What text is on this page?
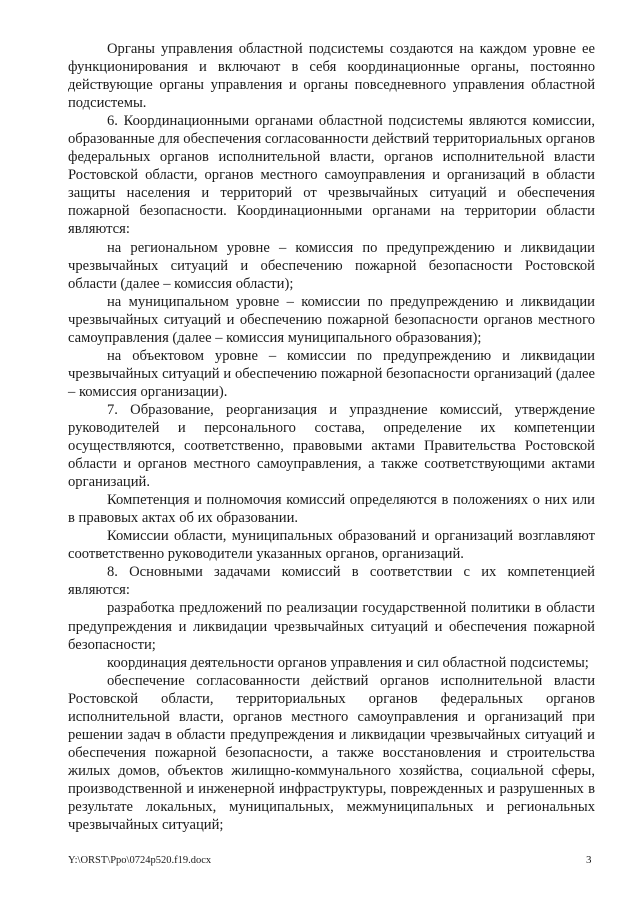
Органы управления областной подсистемы создаются на каждом уровне ее функционирования и включают в себя координационные органы, постоянно действующие органы управления и органы повседневного управления областной подсистемы.

6. Координационными органами областной подсистемы являются комиссии, образованные для обеспечения согласованности действий территориальных органов федеральных органов исполнительной власти, органов исполнительной власти Ростовской области, органов местного самоуправления и организаций в области защиты населения и территорий от чрезвычайных ситуаций и обеспечения пожарной безопасности. Координационными органами на территории области являются:

на региональном уровне – комиссия по предупреждению и ликвидации чрезвычайных ситуаций и обеспечению пожарной безопасности Ростовской области (далее – комиссия области);

на муниципальном уровне – комиссии по предупреждению и ликвидации чрезвычайных ситуаций и обеспечению пожарной безопасности органов местного самоуправления (далее – комиссия муниципального образования);

на объектовом уровне – комиссии по предупреждению и ликвидации чрезвычайных ситуаций и обеспечению пожарной безопасности организаций (далее – комиссия организации).

7. Образование, реорганизация и упразднение комиссий, утверждение руководителей и персонального состава, определение их компетенции осуществляются, соответственно, правовыми актами Правительства Ростовской области и органов местного самоуправления, а также соответствующими актами организаций.

Компетенция и полномочия комиссий определяются в положениях о них или в правовых актах об их образовании.

Комиссии области, муниципальных образований и организаций возглавляют соответственно руководители указанных органов, организаций.

8. Основными задачами комиссий в соответствии с их компетенцией являются:

разработка предложений по реализации государственной политики в области предупреждения и ликвидации чрезвычайных ситуаций и обеспечения пожарной безопасности;

координация деятельности органов управления и сил областной подсистемы;

обеспечение согласованности действий органов исполнительной власти Ростовской области, территориальных органов федеральных органов исполнительной власти, органов местного самоуправления и организаций при решении задач в области предупреждения и ликвидации чрезвычайных ситуаций и обеспечения пожарной безопасности, а также восстановления и строительства жилых домов, объектов жилищно-коммунального хозяйства, социальной сферы, производственной и инженерной инфраструктуры, поврежденных и разрушенных в результате локальных, муниципальных, межмуниципальных и региональных чрезвычайных ситуаций;

Y:\ORST\Ppo\0724p520.f19.docx	3
